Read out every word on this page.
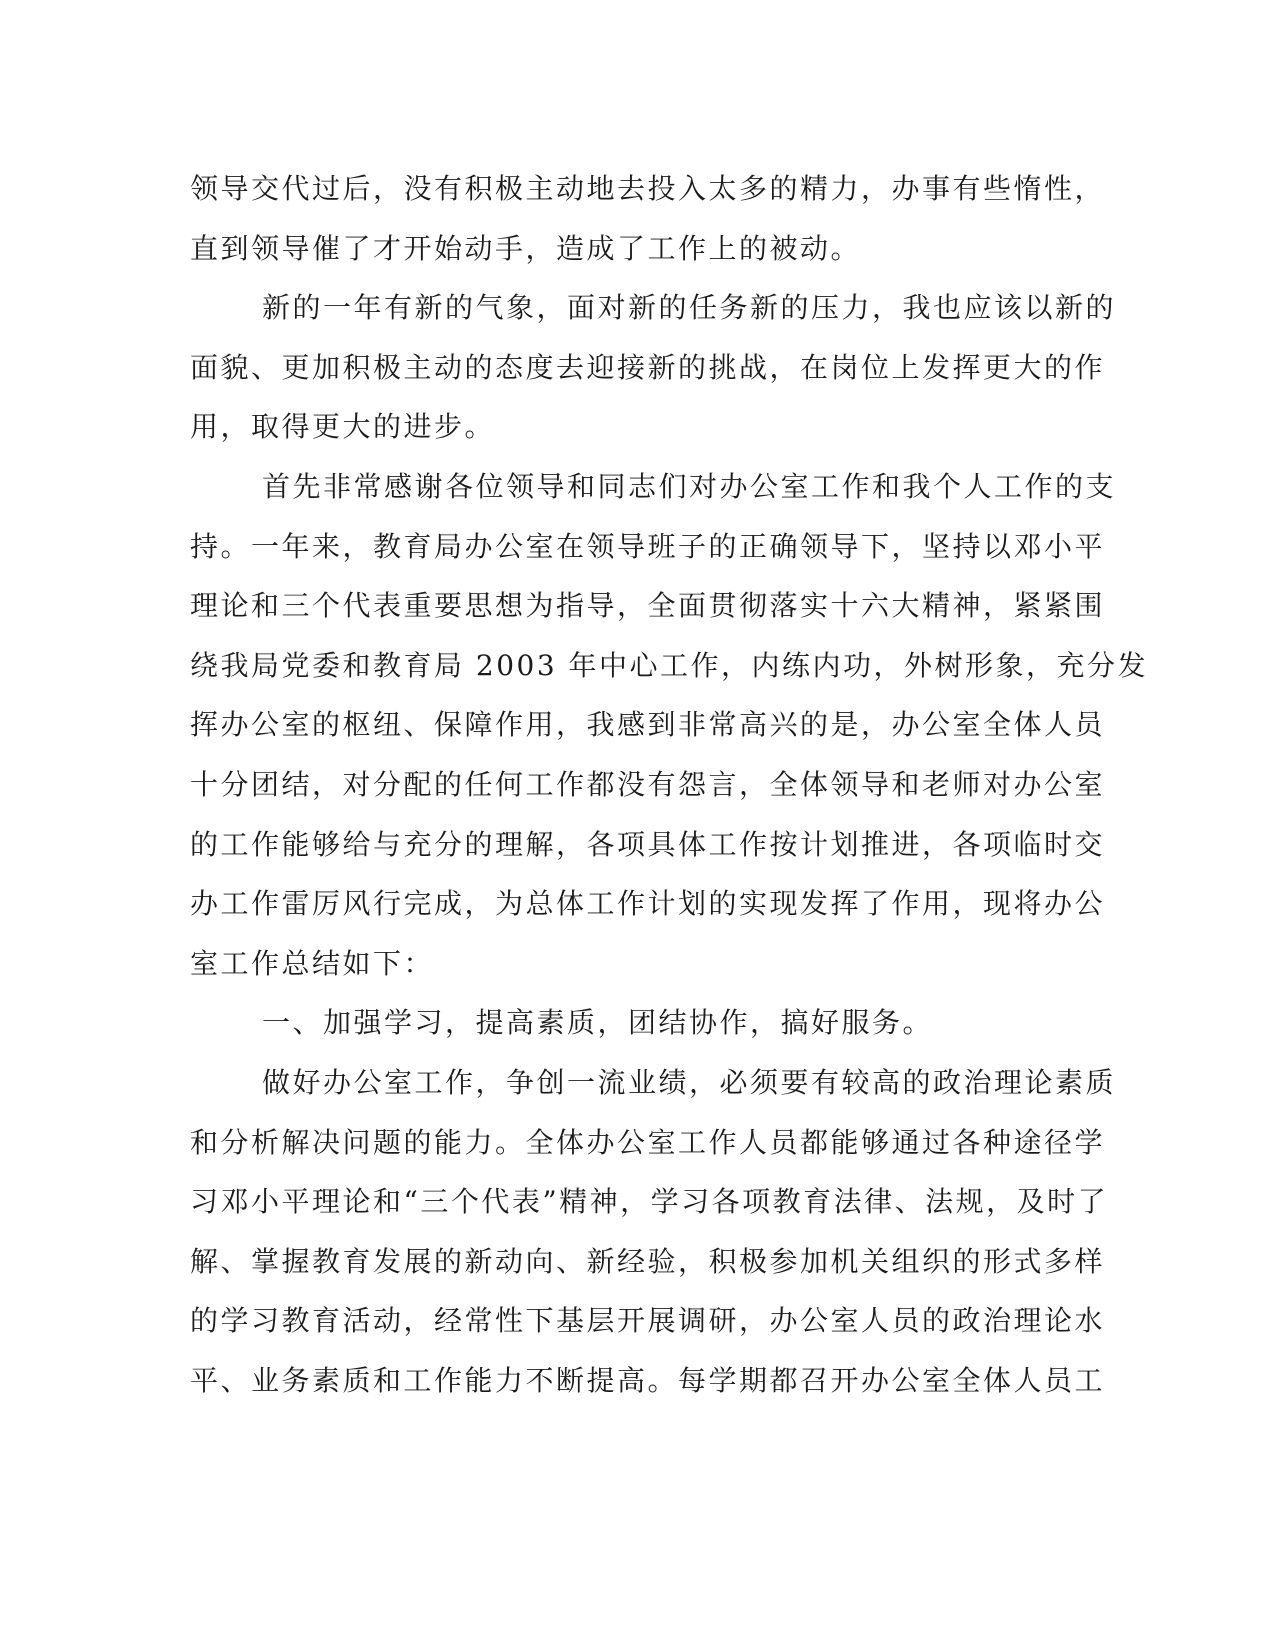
领导交代过后，没有积极主动地去投入太多的精力，办事有些惰性，
直到领导催了才开始动手，造成了工作上的被动。
新的一年有新的气象，面对新的任务新的压力，我也应该以新的
面貌、更加积极主动的态度去迎接新的挑战，在岗位上发挥更大的作
用，取得更大的进步。
首先非常感谢各位领导和同志们对办公室工作和我个人工作的支
持。一年来，教育局办公室在领导班子的正确领导下，坚持以邓小平
理论和三个代表重要思想为指导，全面贯彻落实十六大精神，紧紧围
绕我局党委和教育局 2003 年中心工作，内练内功，外树形象，充分发
挥办公室的枢纽、保障作用，我感到非常高兴的是，办公室全体人员
十分团结，对分配的任何工作都没有怨言，全体领导和老师对办公室
的工作能够给与充分的理解，各项具体工作按计划推进，各项临时交
办工作雷厉风行完成，为总体工作计划的实现发挥了作用，现将办公
室工作总结如下：
一、加强学习，提高素质，团结协作，搞好服务。
做好办公室工作，争创一流业绩，必须要有较高的政治理论素质
和分析解决问题的能力。全体办公室工作人员都能够通过各种途径学
习邓小平理论和“三个代表”精神，学习各项教育法律、法规，及时了
解、掌握教育发展的新动向、新经验，积极参加机关组织的形式多样
的学习教育活动，经常性下基层开展调研，办公室人员的政治理论水
平、业务素质和工作能力不断提高。每学期都召开办公室全体人员工
